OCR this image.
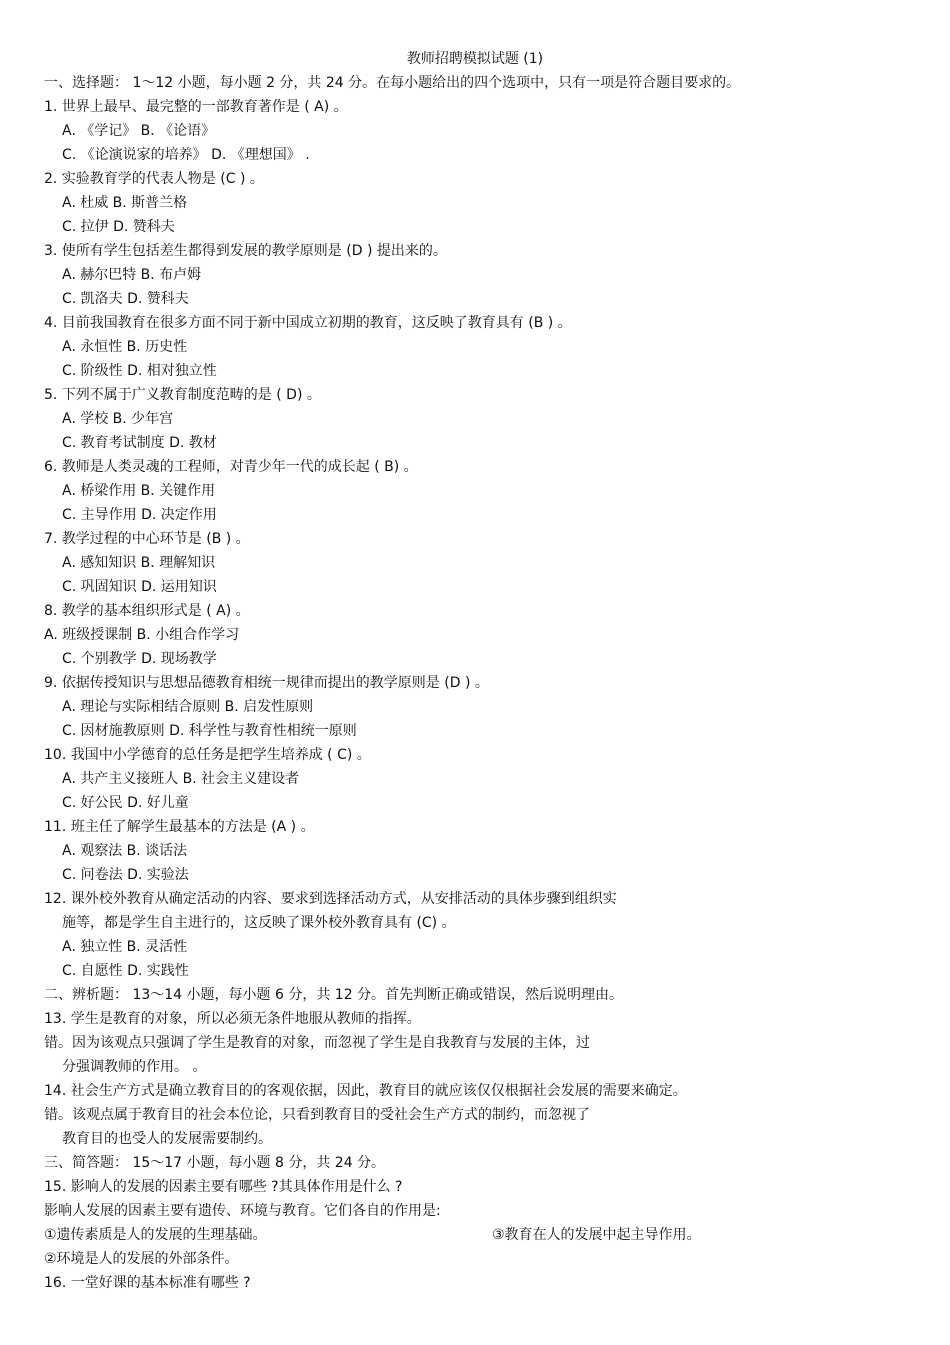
教师招聘模拟试题 (1)
一、选择题： 1～12 小题，每小题 2 分，共 24 分。在每小题给出的四个选项中，只有一项是符合题目要求的。
1. 世界上最早、最完整的一部教育著作是 ( A) 。
A. 《学记》 B. 《论语》
C. 《论演说家的培养》 D. 《理想国》 .
2. 实验教育学的代表人物是 (C ) 。
A. 杜威 B. 斯普兰格
C. 拉伊 D. 赞科夫
3. 使所有学生包括差生都得到发展的教学原则是 (D ) 提出来的。
A. 赫尔巴特 B. 布卢姆
C. 凯洛夫 D. 赞科夫
4. 目前我国教育在很多方面不同于新中国成立初期的教育，这反映了教育具有 (B ) 。
A. 永恒性 B. 历史性
C. 阶级性 D. 相对独立性
5. 下列不属于广义教育制度范畴的是 ( D) 。
A. 学校 B. 少年宫
C. 教育考试制度 D. 教材
6. 教师是人类灵魂的工程师，对青少年一代的成长起 ( B) 。
A. 桥梁作用 B. 关键作用
C. 主导作用 D. 决定作用
7. 教学过程的中心环节是 (B ) 。
A. 感知知识 B. 理解知识
C. 巩固知识 D. 运用知识
8. 教学的基本组织形式是 ( A) 。
A. 班级授课制 B. 小组合作学习
C. 个别教学 D. 现场教学
9. 依据传授知识与思想品德教育相统一规律而提出的教学原则是 (D ) 。
A. 理论与实际相结合原则 B. 启发性原则
C. 因材施教原则 D. 科学性与教育性相统一原则
10. 我国中小学德育的总任务是把学生培养成 ( C) 。
A. 共产主义接班人 B. 社会主义建设者
C. 好公民 D. 好儿童
11. 班主任了解学生最基本的方法是 (A ) 。
A. 观察法 B. 谈话法
C. 问卷法 D. 实验法
12. 课外校外教育从确定活动的内容、要求到选择活动方式，从安排活动的具体步骤到组织实
施等，都是学生自主进行的，这反映了课外校外教育具有 (C) 。
A. 独立性 B. 灵活性
C. 自愿性 D. 实践性
二、辨析题： 13～14 小题，每小题 6 分，共 12 分。首先判断正确或错误，然后说明理由。
13. 学生是教育的对象，所以必须无条件地服从教师的指挥。
错。因为该观点只强调了学生是教育的对象，而忽视了学生是自我教育与发展的主体，过
分强调教师的作用。 。
14. 社会生产方式是确立教育目的的客观依据，因此，教育目的就应该仅仅根据社会发展的需要来确定。
错。该观点属于教育目的社会本位论，只看到教育目的受社会生产方式的制约，而忽视了
教育目的也受人的发展需要制约。
三、简答题： 15～17 小题，每小题 8 分，共 24 分。
15. 影响人的发展的因素主要有哪些 ?其具体作用是什么 ?
影响人发展的因素主要有遗传、环境与教育。它们各自的作用是:
①遗传素质是人的发展的生理基础。	③教育在人的发展中起主导作用。
②环境是人的发展的外部条件。
16. 一堂好课的基本标准有哪些 ?
